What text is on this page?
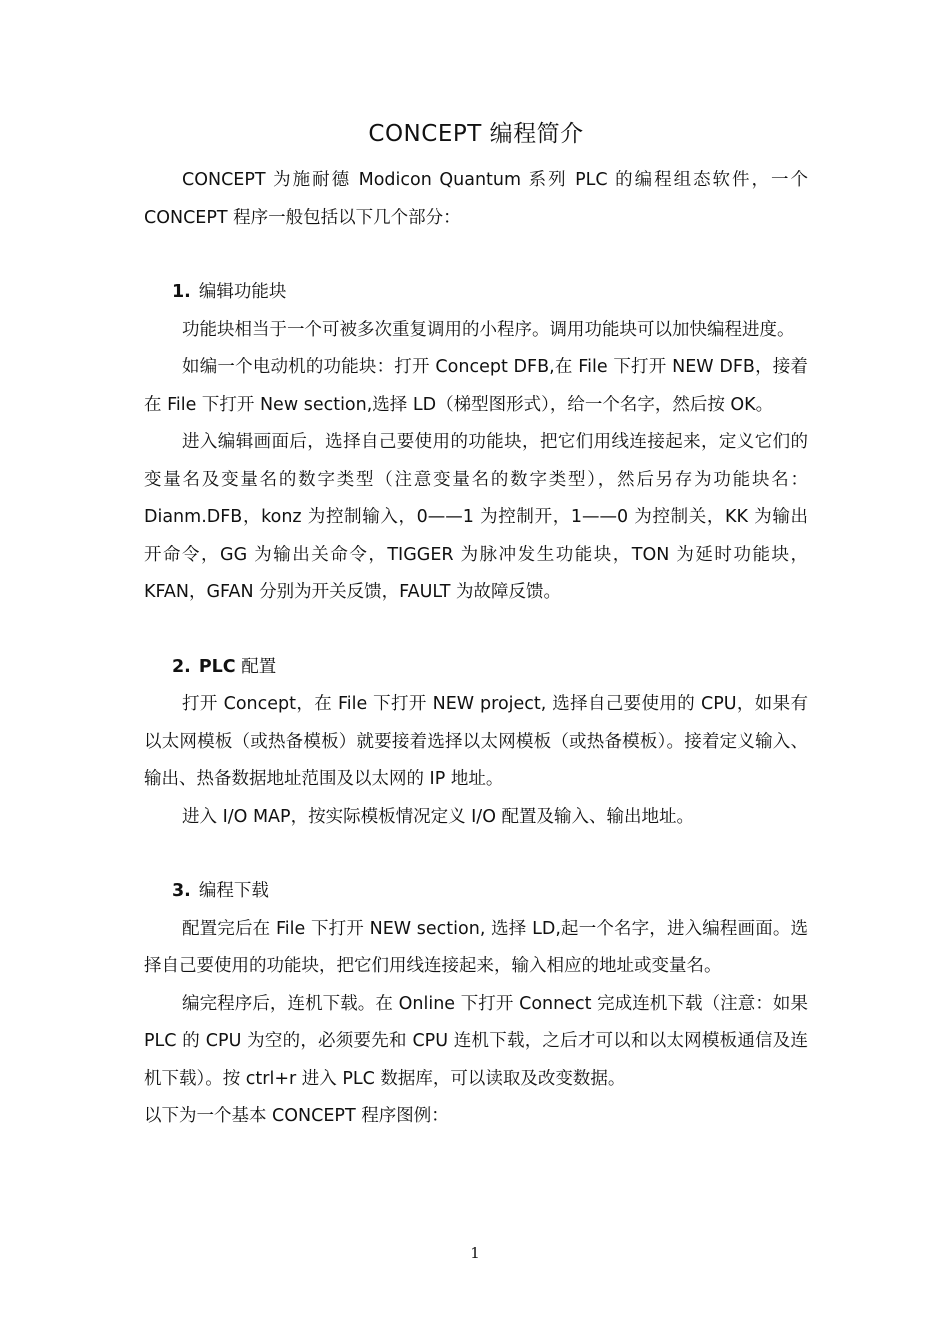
CONCEPT 编程简介

CONCEPT 为施耐德 Modicon Quantum 系列 PLC 的编程组态软件，一个CONCEPT 程序一般包括以下几个部分：

1. 编辑功能块

功能块相当于一个可被多次重复调用的小程序。调用功能块可以加快编程进度。

如编一个电动机的功能块：打开 Concept DFB,在 File 下打开 NEW DFB，接着在 File 下打开 New section,选择 LD（梯型图形式），给一个名字，然后按 OK。

进入编辑画面后，选择自己要使用的功能块，把它们用线连接起来，定义它们的变量名及变量名的数字类型（注意变量名的数字类型），然后另存为功能块名：Dianm.DFB，konz 为控制输入，0——1 为控制开，1——0 为控制关，KK 为输出开命令，GG 为输出关命令，TIGGER 为脉冲发生功能块，TON 为延时功能块，KFAN，GFAN 分别为开关反馈，FAULT 为故障反馈。

2. PLC 配置

打开 Concept，在 File 下打开 NEW project, 选择自己要使用的 CPU，如果有以太网模板（或热备模板）就要接着选择以太网模板（或热备模板）。接着定义输入、输出、热备数据地址范围及以太网的 IP 地址。

进入 I/O MAP，按实际模板情况定义 I/O 配置及输入、输出地址。

3. 编程下载

配置完后在 File 下打开 NEW section, 选择 LD,起一个名字，进入编程画面。选择自己要使用的功能块，把它们用线连接起来，输入相应的地址或变量名。

编完程序后，连机下载。在 Online 下打开 Connect 完成连机下载（注意：如果 PLC 的 CPU 为空的，必须要先和 CPU 连机下载，之后才可以和以太网模板通信及连机下载）。按 ctrl+r 进入 PLC 数据库，可以读取及改变数据。

以下为一个基本 CONCEPT 程序图例：

1
